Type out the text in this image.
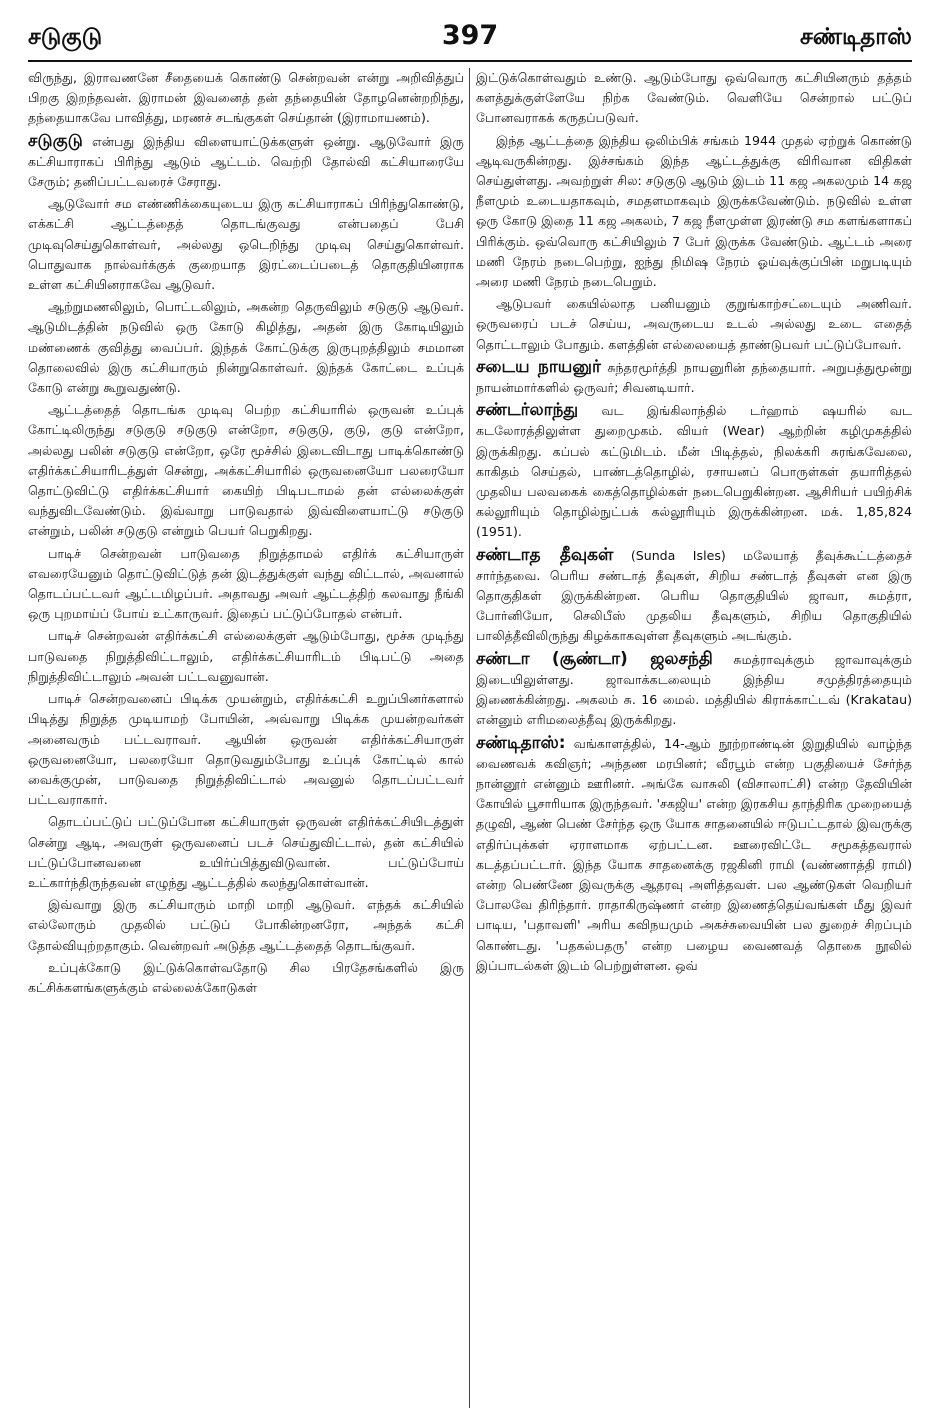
சடுகுடு	397	சண்டிதாஸ்

விருந்து, இராவணனே சீதையைக் கொண்டு சென்றவன் என்று அறிவித்துப் பிறகு இறந்தவன். இராமன் இவனைத் தன் தந்தையின் தோழனென்றறிந்து, தந்தையாகவே பாவித்து, மரணச் சடங்குகள் செய்தான் (இராமாயணம்).

சடுகுடு என்பது இந்திய விளையாட்டுக்களுள் ஒன்று. ஆடுவோர் இரு கட்சியாராகப் பிரிந்து ஆடும் ஆட்டம். வெற்றி தோல்வி கட்சியாரையே சேரும்; தனிப்பட்டவரைச் சேராது.

ஆடுவோர் சம எண்ணிக்கையுடைய இரு கட்சியாராகப் பிரிந்துகொண்டு, எக்கட்சி ஆட்டத்தைத் தொடங்குவது என்பதைப் பேசி முடிவுசெய்துகொள்வர், அல்லது ஒடெறிந்து முடிவு செய்துகொள்வர். பொதுவாக நால்வர்க்குக் குறையாத இரட்டைப்படைத் தொகுதியினராக உள்ள கட்சியினராகவே ஆடுவர்.

ஆற்றுமணலிலும், பொட்டலிலும், அகன்ற தெருவிலும் சடுகுடு ஆடுவர். ஆடுமிடத்தின் நடுவில் ஒரு கோடு கிழித்து, அதன் இரு கோடியிலும் மண்ணைக் குவித்து வைப்பர். இந்தக் கோட்டுக்கு இருபுறத்திலும் சமமான தொலைவில் இரு கட்சியாரும் நின்றுகொள்வர். இந்தக் கோட்டை உப்புக் கோடு என்று கூறுவதுண்டு.

ஆட்டத்தைத் தொடங்க முடிவு பெற்ற கட்சியாரில் ஒருவன் உப்புக் கோட்டிலிருந்து சடுகுடு சடுகுடு என்றோ, சடுகுடு, குடு, குடு என்றோ, அல்லது பலின் சடுகுடு என்றோ, ஒரே மூச்சில் இடைவிடாது பாடிக்கொண்டு எதிர்க்கட்சியாரிடத்துள் சென்று, அக்கட்சியாரில் ஒருவனையோ பலரையோ தொட்டுவிட்டு எதிர்க்கட்சியார் கையிற் பிடிபடாமல் தன் எல்லைக்குள் வந்துவிடவேண்டும். இவ்வாறு பாடுவதால் இவ்விளையாட்டு சடுகுடு என்றும், பலின் சடுகுடு என்றும் பெயர் பெறுகிறது.

பாடிச் சென்றவன் பாடுவதை நிறுத்தாமல் எதிர்க் கட்சியாருள் எவரையேனும் தொட்டுவிட்டுத் தன் இடத்துக்குள் வந்து விட்டால், அவனால் தொடப்பட்டவர் ஆட்டமிழப்பர். அதாவது அவர் ஆட்டத்திற் கலவாது நீங்கி ஒரு புறமாய்ப் போய் உட்காருவர். இதைப் பட்டுப்போதல் என்பர்.

பாடிச் சென்றவன் எதிர்க்கட்சி எல்லைக்குள் ஆடும்போது, மூச்சு முடிந்து பாடுவதை நிறுத்திவிட்டாலும், எதிர்க்கட்சியாரிடம் பிடிபட்டு அதை நிறுத்திவிட்டாலும் அவன் பட்டவனுவான்.

பாடிச் சென்றவனைப் பிடிக்க முயன்றும், எதிர்க்கட்சி உறுப்பினர்களால் பிடித்து நிறுத்த முடியாமற் போயின், அவ்வாறு பிடிக்க முயன்றவர்கள் அனைவரும் பட்டவராவர். ஆயின் ஒருவன் எதிர்க்கட்சியாருள் ஒருவனையோ, பலரையோ தொடுவதும்போது உப்புக் கோட்டில் கால் வைக்குமுன், பாடுவதை நிறுத்திவிட்டால் அவனுல் தொடப்பட்டவர் பட்டவராகார்.

தொடப்பட்டுப் பட்டுப்போன கட்சியாருள் ஒருவன் எதிர்க்கட்சியிடத்துள் சென்று ஆடி, அவருள் ஒருவனைப் படச் செய்துவிட்டால், தன் கட்சியில் பட்டுப்போனவனை உயிர்ப்பித்துவிடுவான். பட்டுப்போய் உட்கார்ந்திருந்தவன் எழுந்து ஆட்டத்தில் கலந்துகொள்வான்.

இவ்வாறு இரு கட்சியாரும் மாறி மாறி ஆடுவர். எந்தக் கட்சியில் எல்லோரும் முதலில் பட்டுப் போகின்றனரோ, அந்தக் கட்சி தோல்வியுற்றதாகும். வென்றவர் அடுத்த ஆட்டத்தைத் தொடங்குவர்.

உப்புக்கோடு இட்டுக்கொள்வதோடு சில பிரதேசங்களில் இரு கட்சிக்களங்களுக்கும் எல்லைக்கோடுகள்

இட்டுக்கொள்வதும் உண்டு. ஆடும்போது ஒவ்வொரு கட்சியினரும் தத்தம் களத்துக்குள்ளேயே நிற்க வேண்டும். வெளியே சென்றால் பட்டுப் போனவராகக் கருதப்படுவர்.

இந்த ஆட்டத்தை இந்திய ஒலிம்பிக் சங்கம் 1944 முதல் ஏற்றுக் கொண்டு ஆடிவருகின்றது. இச்சங்கம் இந்த ஆட்டத்துக்கு விரிவான விதிகள் செய்துள்ளது. அவற்றுள் சில: சடுகுடு ஆடும் இடம் 11 கஜ அகலமும் 14 கஜ நீளமும் உடையதாகவும், சமதளமாகவும் இருக்கவேண்டும். நடுவில் உள்ள ஒரு கோடு இதை 11 கஜ அகலம், 7 கஜ நீளமுள்ள இரண்டு சம களங்களாகப் பிரிக்கும். ஒவ்வொரு கட்சியிலும் 7 பேர் இருக்க வேண்டும். ஆட்டம் அரை மணி நேரம் நடைபெற்று, ஐந்து நிமிஷ நேரம் ஓய்வுக்குப்பின் மறுபடியும் அரை மணி நேரம் நடைபெறும்.

ஆடுபவர் கையில்லாத பனியனும் குறுங்காற்சட்டையும் அணிவர். ஒருவரைப் படச் செய்ய, அவருடைய உடல் அல்லது உடை எதைத் தொட்டாலும் போதும். களத்தின் எல்லையைத் தாண்டுபவர் பட்டுப்போவர்.

சடைய நாயனுர் சுந்தரமூர்த்தி நாயனுரின் தந்தையார். அறுபத்துமூன்று நாயன்மார்களில் ஒருவர்; சிவனடியார்.

சண்டர்லாந்து வட இங்கிலாந்தில் டர்ஹாம் ஷயரில் வட கடலோரத்திலுள்ள துறைமுகம். வியர் (Wear) ஆற்றின் கழிமுகத்தில் இருக்கிறது. கப்பல் கட்டுமிடம். மீன் பிடித்தல், நிலக்கரி சுரங்கவேலை, காகிதம் செய்தல், பாண்டத்தொழில், ரசாயனப் பொருள்கள் தயாரித்தல் முதலிய பலவகைக் கைத்தொழில்கள் நடைபெறுகின்றன. ஆசிரியர் பயிற்சிக் கல்லூரியும் தொழில்நுட்பக் கல்லூரியும் இருக்கின்றன. மக். 1,85,824 (1951).

சண்டாத தீவுகள் (Sunda Isles) மலேயாத் தீவுக்கூட்டத்தைச் சார்ந்தவை. பெரிய சண்டாத் தீவுகள், சிறிய சண்டாத் தீவுகள் என இரு தொகுதிகள் இருக்கின்றன. பெரிய தொகுதியில் ஜாவா, சுமத்ரா, போர்னியோ, செலிபீஸ் முதலிய தீவுகளும், சிறிய தொகுதியில் பாலித்தீவிலிருந்து கிழக்காகவுள்ள தீவுகளும் அடங்கும்.

சண்டா (சூண்டா) ஜலசந்தி சுமத்ராவுக்கும் ஜாவாவுக்கும் இடையிலுள்ளது. ஜாவாக்கடலையும் இந்திய சமுத்திரத்தையும் இணைக்கின்றது. அகலம் சு. 16 மைல். மத்தியில் கிராக்காட்டவ் (Krakatau) என்னும் எரிமலைத்தீவு இருக்கிறது.

சண்டிதாஸ்: வங்காளத்தில், 14-ஆம் நூற்றாண்டின் இறுதியில் வாழ்ந்த வைணவக் கவிஞர்; அந்தண மரபினர்; வீரபூம் என்ற பகுதியைச் சேர்ந்த நான்னூர் என்னும் ஊரினர். அங்கே வாசுலி (விசாலாட்சி) என்ற தேவியின் கோயில் பூசாரியாக இருந்தவர். 'சகஜிய' என்ற இரகசிய தாந்திரிக முறையைத் தழுவி, ஆண் பெண் சேர்ந்த ஒரு யோக சாதனையில் ஈடுபட்டதால் இவருக்கு எதிர்ப்புக்கள் ஏராளமாக ஏற்பட்டன. ஊரைவிட்டே சமூகத்தவரால் கடத்தப்பட்டார். இந்த யோக சாதனைக்கு ரஜகினி ராமி (வண்ணாத்தி ராமி) என்ற பெண்ணே இவருக்கு ஆதரவு அளித்தவள். பல ஆண்டுகள் வெறியர் போலவே திரிந்தார். ராதாகிருஷ்ணர் என்ற இணைத்தெய்வங்கள் மீது இவர் பாடிய, 'பதாவளி' அரிய கவிநயமும் அகச்சுவையின் பல துறைச் சிறப்பும் கொண்டது. 'பதகல்பதரு' என்ற பழைய வைணவத் தொகை நூலில் இப்பாடல்கள் இடம் பெற்றுள்ளன. ஒவ்
